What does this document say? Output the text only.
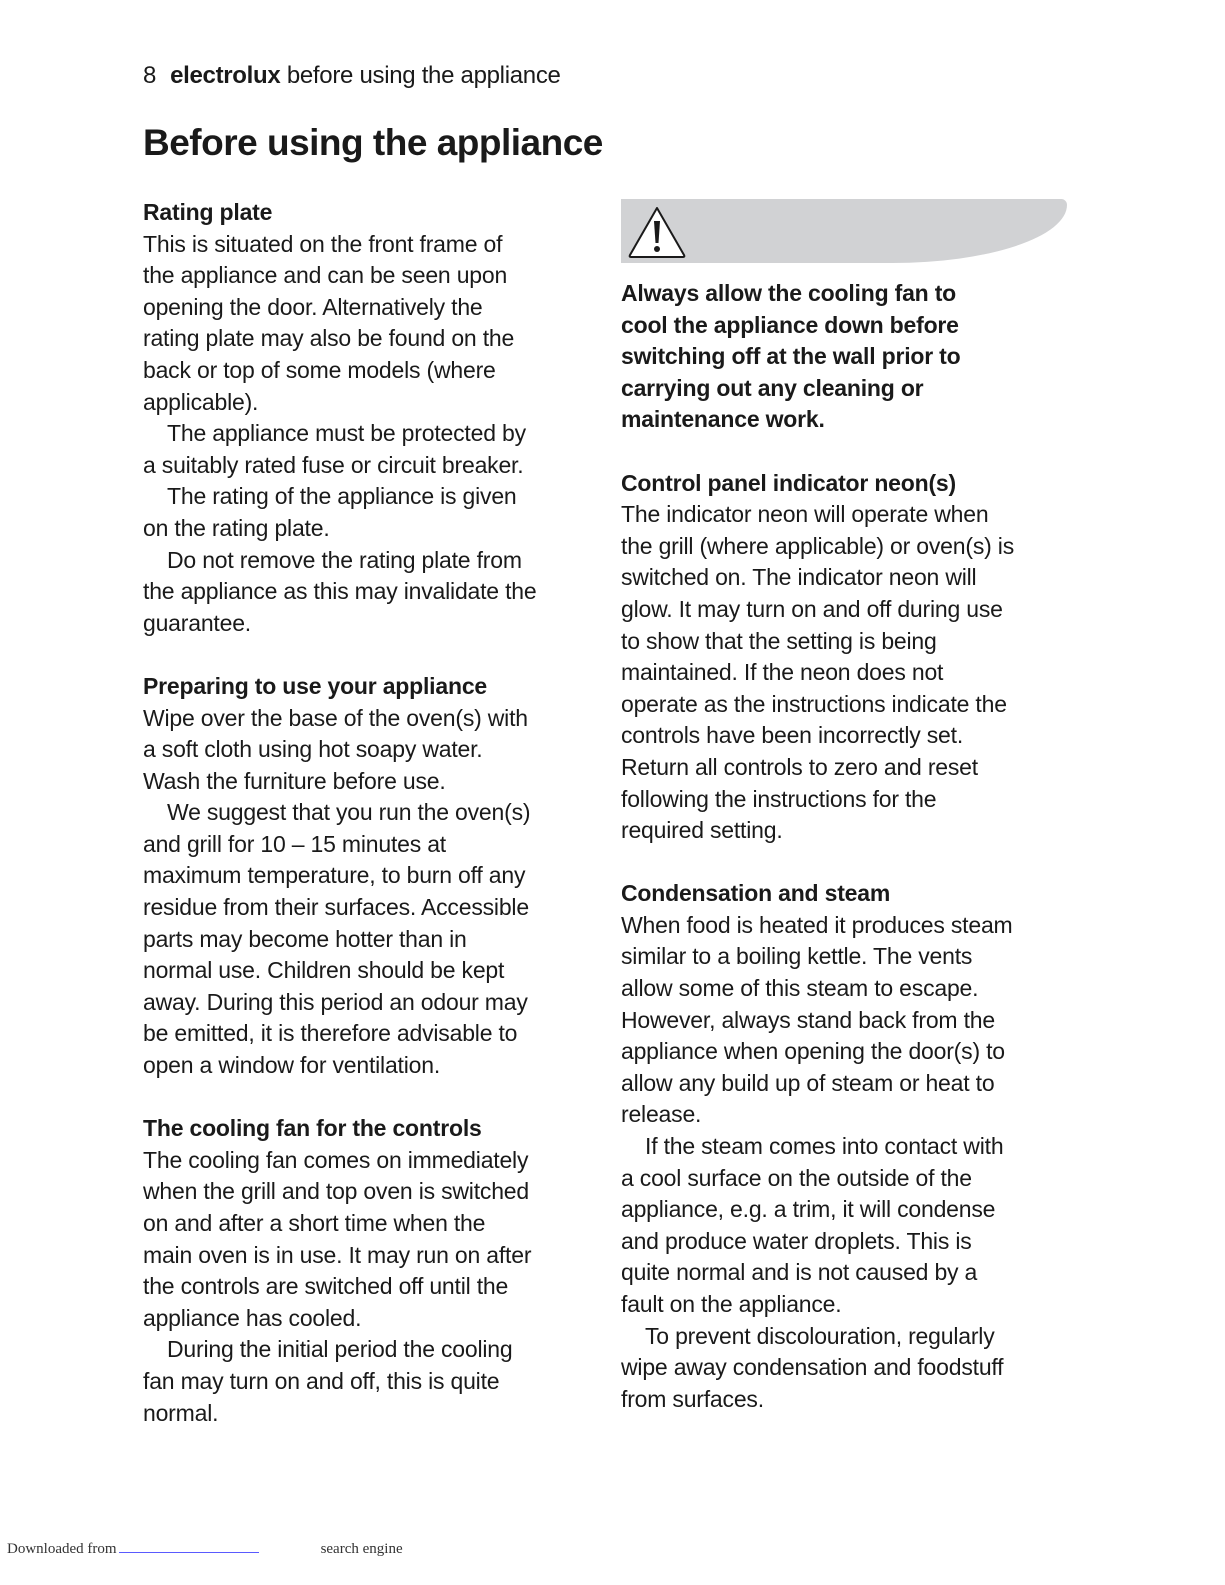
8 electrolux before using the appliance
Before using the appliance
Rating plate
This is situated on the front frame of
the appliance and can be seen upon
opening the door. Alternatively the
rating plate may also be found on the
back or top of some models (where
applicable).
The appliance must be protected by
a suitably rated fuse or circuit breaker.
The rating of the appliance is given
on the rating plate.
Do not remove the rating plate from
the appliance as this may invalidate the
guarantee.
Preparing to use your appliance
Wipe over the base of the oven(s) with
a soft cloth using hot soapy water.
Wash the furniture before use.
We suggest that you run the oven(s)
and grill for 10 – 15 minutes at
maximum temperature, to burn off any
residue from their surfaces. Accessible
parts may become hotter than in
normal use. Children should be kept
away. During this period an odour may
be emitted, it is therefore advisable to
open a window for ventilation.
The cooling fan for the controls
The cooling fan comes on immediately
when the grill and top oven is switched
on and after a short time when the
main oven is in use. It may run on after
the controls are switched off until the
appliance has cooled.
During the initial period the cooling
fan may turn on and off, this is quite
normal.
Always allow the cooling fan to
cool the appliance down before
switching off at the wall prior to
carrying out any cleaning or
maintenance work.
Control panel indicator neon(s)
The indicator neon will operate when
the grill (where applicable) or oven(s) is
switched on. The indicator neon will
glow. It may turn on and off during use
to show that the setting is being
maintained. If the neon does not
operate as the instructions indicate the
controls have been incorrectly set.
Return all controls to zero and reset
following the instructions for the
required setting.
Condensation and steam
When food is heated it produces steam
similar to a boiling kettle. The vents
allow some of this steam to escape.
However, always stand back from the
appliance when opening the door(s) to
allow any build up of steam or heat to
release.
If the steam comes into contact with
a cool surface on the outside of the
appliance, e.g. a trim, it will condense
and produce water droplets. This is
quite normal and is not caused by a
fault on the appliance.
To prevent discolouration, regularly
wipe away condensation and foodstuff
from surfaces.
Downloaded from	search engine
